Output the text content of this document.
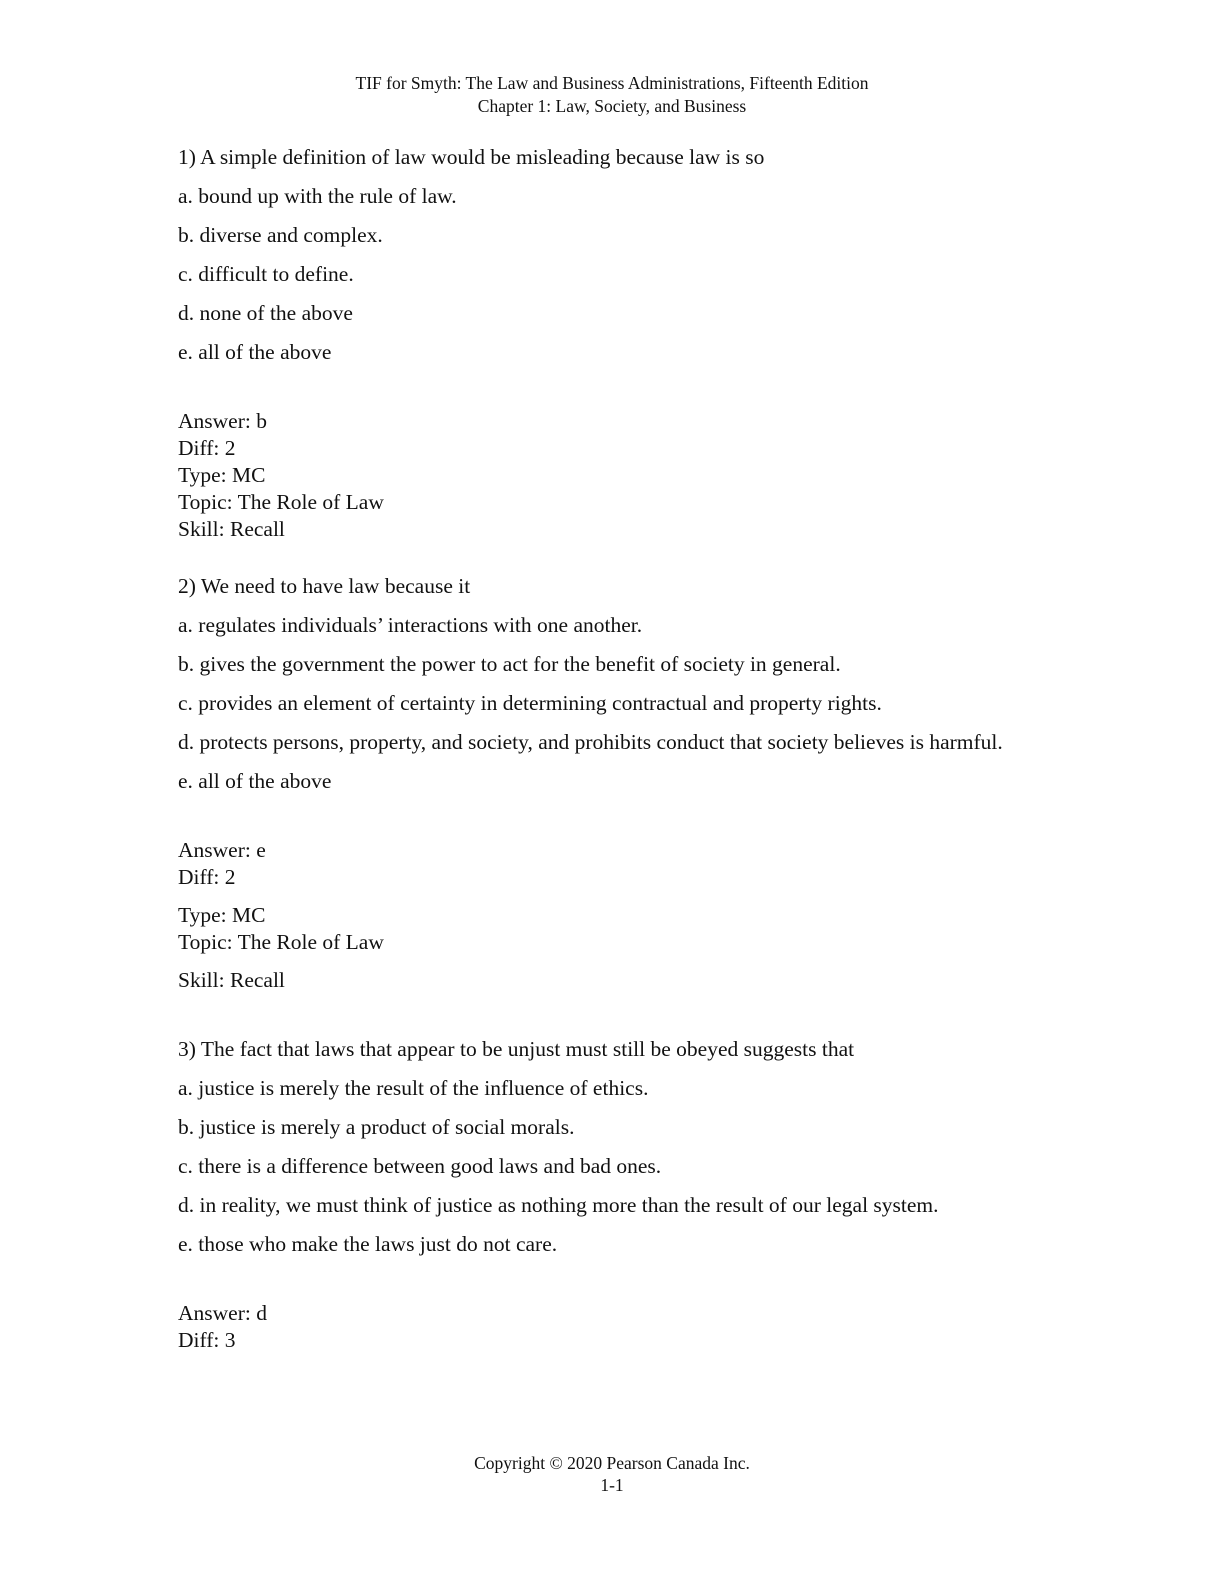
TIF for Smyth: The Law and Business Administrations, Fifteenth Edition
Chapter 1: Law, Society, and Business

1) A simple definition of law would be misleading because law is so

a. bound up with the rule of law.

b. diverse and complex.

c. difficult to define.

d. none of the above

e. all of the above

Answer: b

Diff: 2

Type: MC

Topic: The Role of Law

Skill: Recall

2) We need to have law because it

a. regulates individuals’ interactions with one another.

b. gives the government the power to act for the benefit of society in general.

c. provides an element of certainty in determining contractual and property rights.

d. protects persons, property, and society, and prohibits conduct that society believes is harmful.

e. all of the above

Answer: e

Diff: 2

Type: MC

Topic: The Role of Law

Skill: Recall

3) The fact that laws that appear to be unjust must still be obeyed suggests that

a. justice is merely the result of the influence of ethics.

b. justice is merely a product of social morals.

c. there is a difference between good laws and bad ones.

d. in reality, we must think of justice as nothing more than the result of our legal system.

e. those who make the laws just do not care.

Answer: d

Diff: 3

Copyright © 2020 Pearson Canada Inc.
1-1
